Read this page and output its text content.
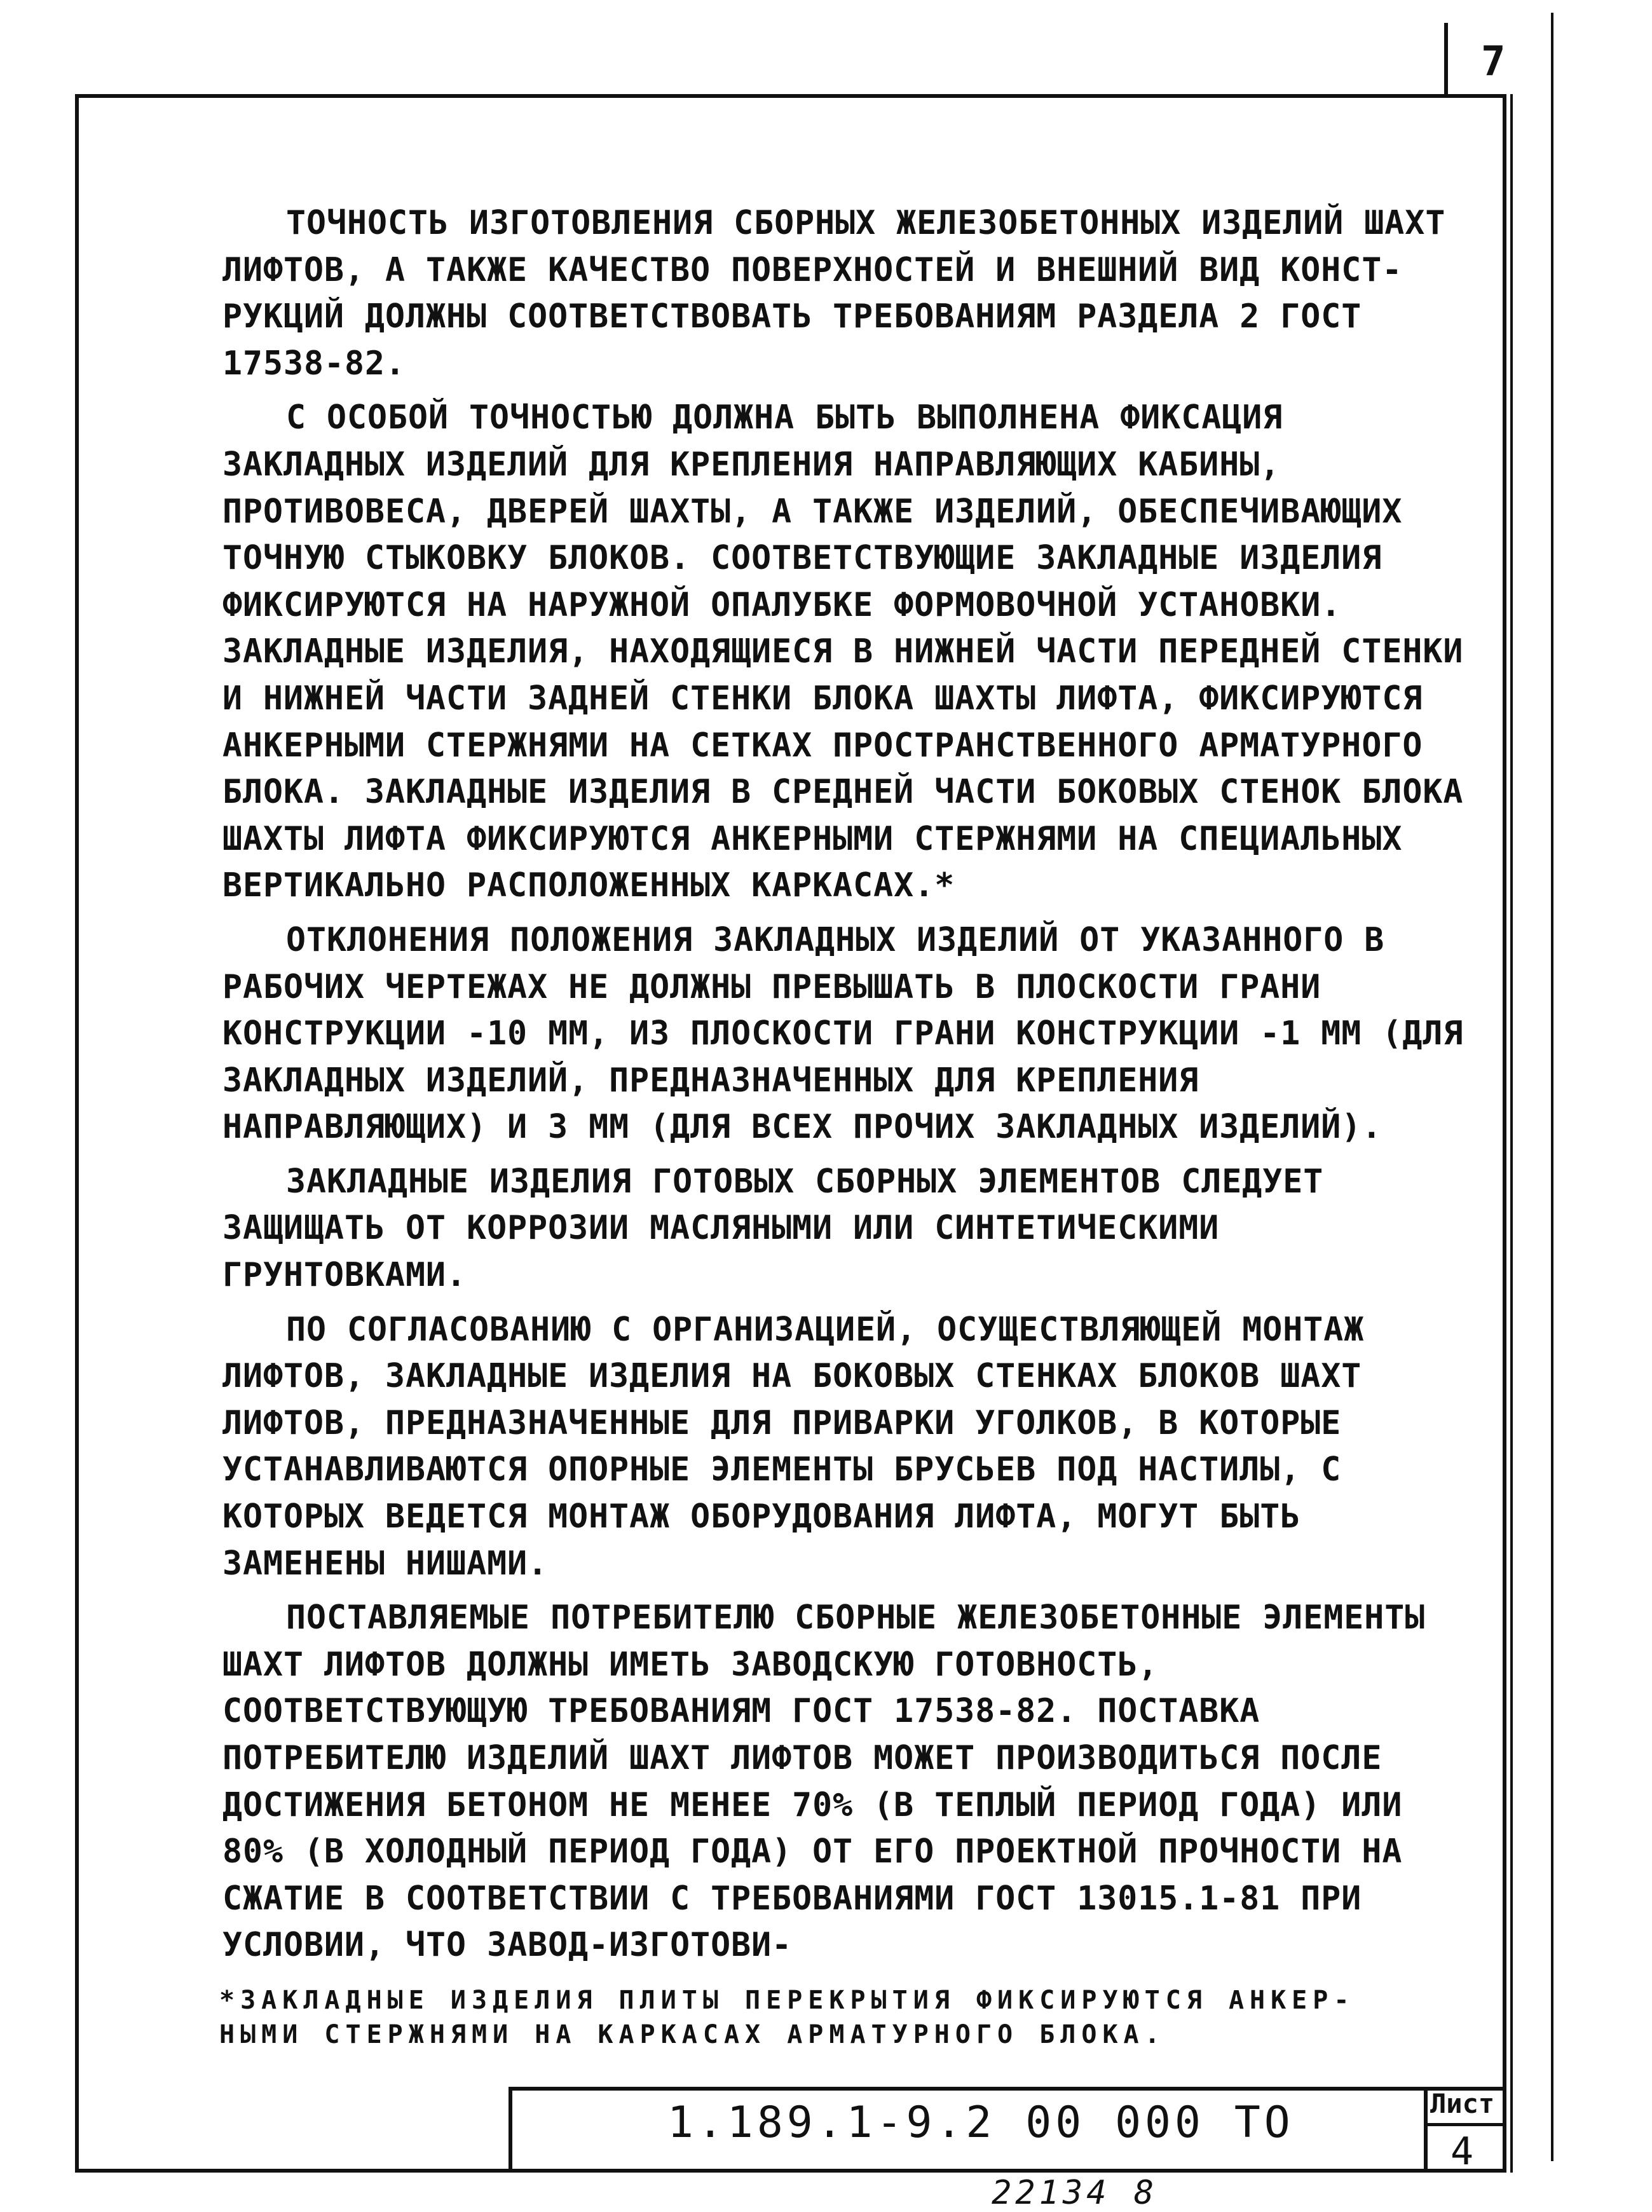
7

ТОЧНОСТЬ ИЗГОТОВЛЕНИЯ СБОРНЫХ ЖЕЛЕЗОБЕТОННЫХ ИЗДЕЛИЙ ШАХТ ЛИФТОВ, А ТАКЖЕ КАЧЕСТВО ПОВЕРХНОСТЕЙ И ВНЕШНИЙ ВИД КОНСТ-РУКЦИЙ ДОЛЖНЫ СООТВЕТСТВОВАТЬ ТРЕБОВАНИЯМ РАЗДЕЛА 2 ГОСТ 17538-82.

С ОСОБОЙ ТОЧНОСТЬЮ ДОЛЖНА БЫТЬ ВЫПОЛНЕНА ФИКСАЦИЯ ЗАКЛАДНЫХ ИЗДЕЛИЙ ДЛЯ КРЕПЛЕНИЯ НАПРАВЛЯЮЩИХ КАБИНЫ, ПРОТИВОВЕСА, ДВЕРЕЙ ШАХТЫ, А ТАКЖЕ ИЗДЕЛИЙ, ОБЕСПЕЧИВАЮЩИХ ТОЧНУЮ СТЫКОВКУ БЛОКОВ. СООТВЕТСТВУЮЩИЕ ЗАКЛАДНЫЕ ИЗДЕЛИЯ ФИКСИРУЮТСЯ НА НАРУЖНОЙ ОПАЛУБКЕ ФОРМОВОЧНОЙ УСТАНОВКИ. ЗАКЛАДНЫЕ ИЗДЕЛИЯ, НАХОДЯЩИЕСЯ В НИЖНЕЙ ЧАСТИ ПЕРЕДНЕЙ СТЕНКИ И НИЖНЕЙ ЧАСТИ ЗАДНЕЙ СТЕНКИ БЛОКА ШАХТЫ ЛИФТА, ФИКСИРУЮТСЯ АНКЕРНЫМИ СТЕРЖНЯМИ НА СЕТКАХ ПРОСТРАНСТВЕННОГО АРМАТУРНОГО БЛОКА. ЗАКЛАДНЫЕ ИЗДЕЛИЯ В СРЕДНЕЙ ЧАСТИ БОКОВЫХ СТЕНОК БЛОКА ШАХТЫ ЛИФТА ФИКСИРУЮТСЯ АНКЕРНЫМИ СТЕРЖНЯМИ НА СПЕЦИАЛЬНЫХ ВЕРТИКАЛЬНО РАСПОЛОЖЕННЫХ КАРКАСАХ.*

ОТКЛОНЕНИЯ ПОЛОЖЕНИЯ ЗАКЛАДНЫХ ИЗДЕЛИЙ ОТ УКАЗАННОГО В РАБОЧИХ ЧЕРТЕЖАХ НЕ ДОЛЖНЫ ПРЕВЫШАТЬ В ПЛОСКОСТИ ГРАНИ КОНСТРУКЦИИ -10 ММ, ИЗ ПЛОСКОСТИ ГРАНИ КОНСТРУКЦИИ -1 ММ (ДЛЯ ЗАКЛАДНЫХ ИЗДЕЛИЙ, ПРЕДНАЗНАЧЕННЫХ ДЛЯ КРЕПЛЕНИЯ НАПРАВЛЯЮЩИХ) И 3 ММ (ДЛЯ ВСЕХ ПРОЧИХ ЗАКЛАДНЫХ ИЗДЕЛИЙ).

ЗАКЛАДНЫЕ ИЗДЕЛИЯ ГОТОВЫХ СБОРНЫХ ЭЛЕМЕНТОВ СЛЕДУЕТ ЗАЩИЩАТЬ ОТ КОРРОЗИИ МАСЛЯНЫМИ ИЛИ СИНТЕТИЧЕСКИМИ ГРУНТОВКАМИ.

ПО СОГЛАСОВАНИЮ С ОРГАНИЗАЦИЕЙ, ОСУЩЕСТВЛЯЮЩЕЙ МОНТАЖ ЛИФТОВ, ЗАКЛАДНЫЕ ИЗДЕЛИЯ НА БОКОВЫХ СТЕНКАХ БЛОКОВ ШАХТ ЛИФТОВ, ПРЕДНАЗНАЧЕННЫЕ ДЛЯ ПРИВАРКИ УГОЛКОВ, В КОТОРЫЕ УСТАНАВЛИВАЮТСЯ ОПОРНЫЕ ЭЛЕМЕНТЫ БРУСЬЕВ ПОД НАСТИЛЫ, С КОТОРЫХ ВЕДЕТСЯ МОНТАЖ ОБОРУДОВАНИЯ ЛИФТА, МОГУТ БЫТЬ ЗАМЕНЕНЫ НИШАМИ.

ПОСТАВЛЯЕМЫЕ ПОТРЕБИТЕЛЮ СБОРНЫЕ ЖЕЛЕЗОБЕТОННЫЕ ЭЛЕМЕНТЫ ШАХТ ЛИФТОВ ДОЛЖНЫ ИМЕТЬ ЗАВОДСКУЮ ГОТОВНОСТЬ, СООТВЕТСТВУЮЩУЮ ТРЕБОВАНИЯМ ГОСТ 17538-82. ПОСТАВКА ПОТРЕБИТЕЛЮ ИЗДЕЛИЙ ШАХТ ЛИФТОВ МОЖЕТ ПРОИЗВОДИТЬСЯ ПОСЛЕ ДОСТИЖЕНИЯ БЕТОНОМ НЕ МЕНЕЕ 70% (В ТЕПЛЫЙ ПЕРИОД ГОДА) ИЛИ 80% (В ХОЛОДНЫЙ ПЕРИОД ГОДА) ОТ ЕГО ПРОЕКТНОЙ ПРОЧНОСТИ НА СЖАТИЕ В СООТВЕТСТВИИ С ТРЕБОВАНИЯМИ ГОСТ 13015.1-81 ПРИ УСЛОВИИ, ЧТО ЗАВОД-ИЗГОТОВИ-

*ЗАКЛАДНЫЕ ИЗДЕЛИЯ ПЛИТЫ ПЕРЕКРЫТИЯ ФИКСИРУЮТСЯ АНКЕР-
НЫМИ СТЕРЖНЯМИ НА КАРКАСАХ АРМАТУРНОГО БЛОКА.
1.189.1-9.2 00 000 ТО	Лист
4
22134 8
